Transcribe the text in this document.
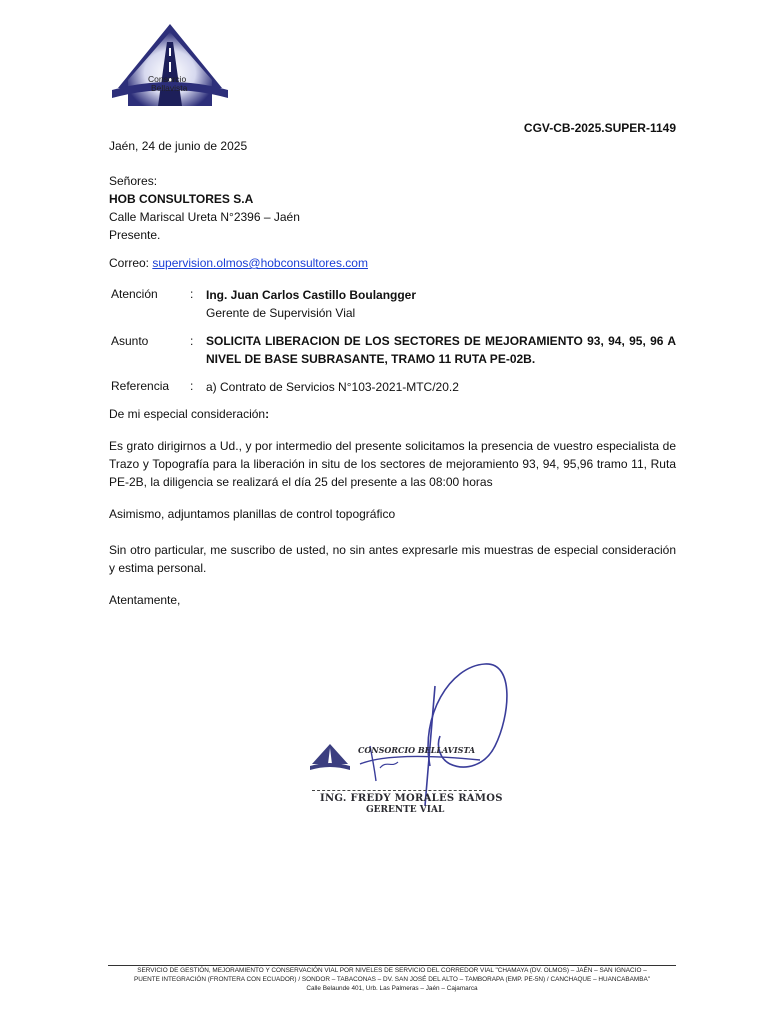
Consorcio
Bellavista
CGV-CB-2025.SUPER-1149
Jaén, 24 de junio de 2025
Señores:
HOB CONSULTORES S.A
Calle Mariscal Ureta N°2396 – Jaén
Presente.
Correo: supervision.olmos@hobconsultores.com
Atención	: Ing. Juan Carlos Castillo Boulangger
Gerente de Supervisión Vial
Asunto	: SOLICITA LIBERACION DE LOS SECTORES DE MEJORAMIENTO 93, 94, 95, 96 A NIVEL DE BASE SUBRASANTE, TRAMO 11 RUTA PE-02B.
Referencia : a) Contrato de Servicios N°103-2021-MTC/20.2
De mi especial consideración:
Es grato dirigirnos a Ud., y por intermedio del presente solicitamos la presencia de vuestro especialista de Trazo y Topografía para la liberación in situ de los sectores de mejoramiento 93, 94, 95,96 tramo 11, Ruta PE-2B, la diligencia se realizará el día 25 del presente a las 08:00 horas
Asimismo, adjuntamos planillas de control topográfico
Sin otro particular, me suscribo de usted, no sin antes expresarle mis muestras de especial consideración y estima personal.
Atentamente,
CONSORCIO BELLAVISTA
ING. FREDY MORALES RAMOS
GERENTE VIAL
SERVICIO DE GESTIÓN, MEJORAMIENTO Y CONSERVACIÓN VIAL POR NIVELES DE SERVICIO DEL CORREDOR VIAL "CHAMAYA (DV. OLMOS) – JAÉN – SAN IGNACIO –
PUENTE INTEGRACIÓN (FRONTERA CON ECUADOR) / SONDOR – TABACONAS – DV. SAN JOSÉ DEL ALTO – TAMBORAPA (EMP. PE-5N) / CANCHAQUE – HUANCABAMBA"
Calle Belaunde 401, Urb. Las Palmeras – Jaén – Cajamarca
